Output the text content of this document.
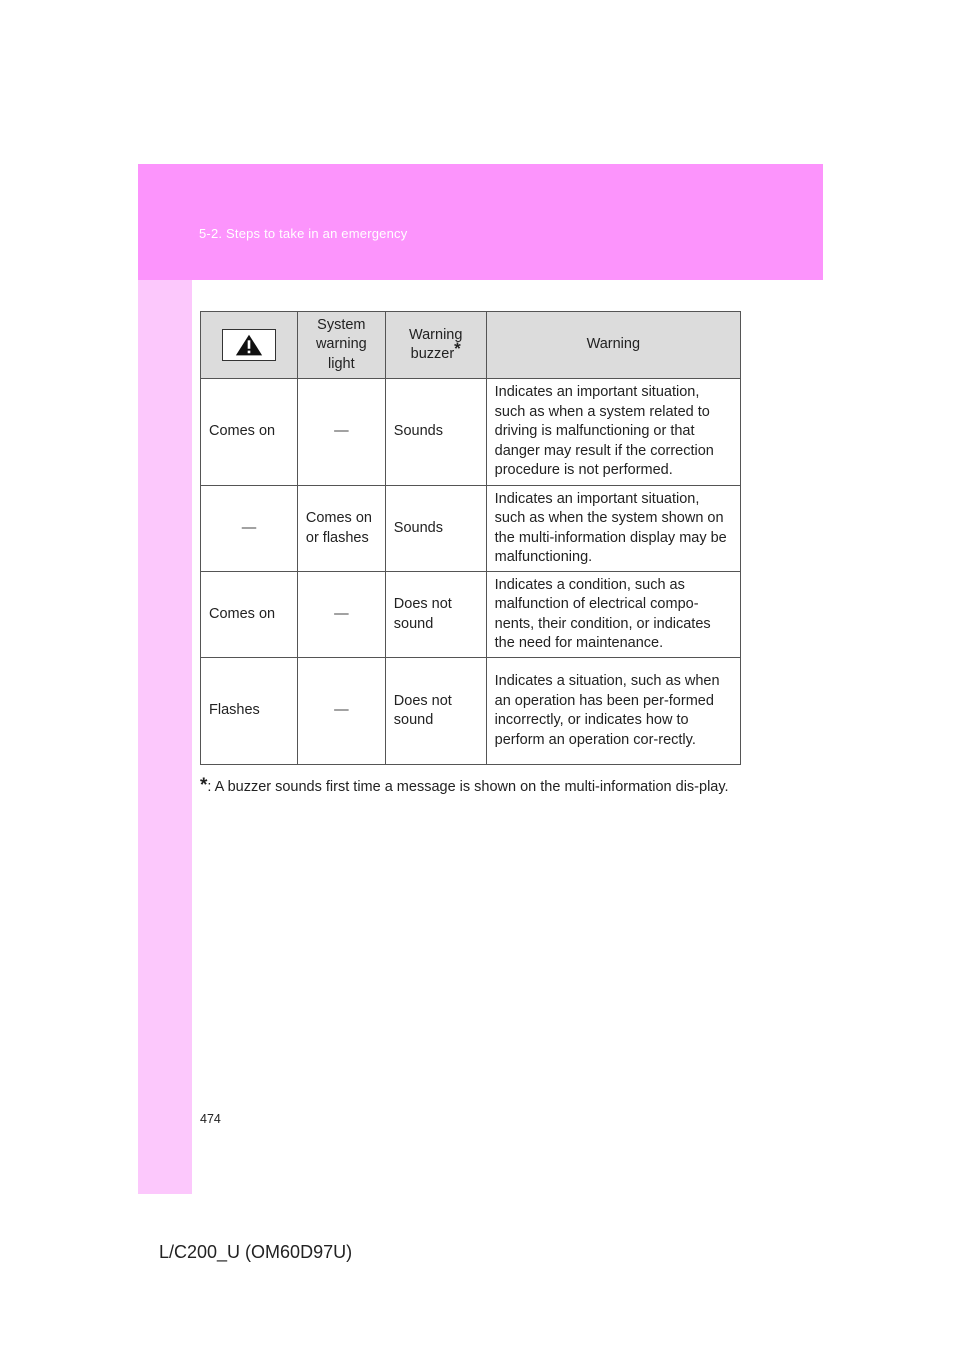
5-2. Steps to take in an emergency
	System warning light	Warning buzzer*	Warning
Comes on	—	Sounds	Indicates an important situation, such as when a system related to driving is malfunctioning or that danger may result if the correction procedure is not performed.
—	Comes on or flashes	Sounds	Indicates an important situation, such as when the system shown on the multi-information display may be malfunctioning.
Comes on	—	Does not sound	Indicates a condition, such as malfunction of electrical compo-nents, their condition, or indicates the need for maintenance.
Flashes	—	Does not sound	Indicates a situation, such as when an operation has been per-formed incorrectly, or indicates how to perform an operation cor-rectly.
*: A buzzer sounds first time a message is shown on the multi-information dis-play.
474
L/C200_U (OM60D97U)
